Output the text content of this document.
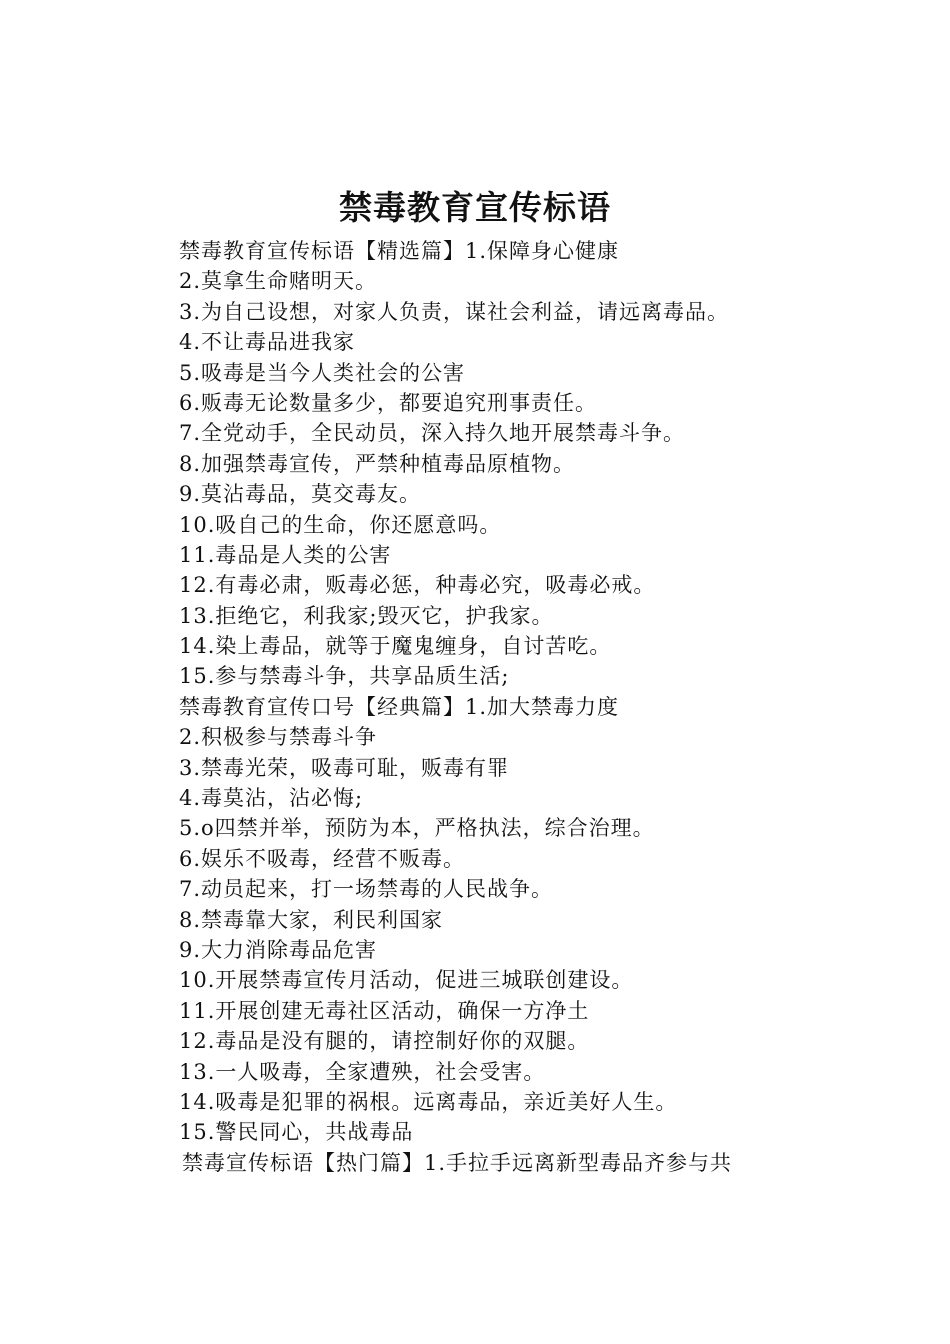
禁毒教育宣传标语
禁毒教育宣传标语【精选篇】1.保障身心健康
2.莫拿生命赌明天。
3.为自己设想，对家人负责，谋社会利益，请远离毒品。
4.不让毒品进我家
5.吸毒是当今人类社会的公害
6.贩毒无论数量多少，都要追究刑事责任。
7.全党动手，全民动员，深入持久地开展禁毒斗争。
8.加强禁毒宣传，严禁种植毒品原植物。
9.莫沾毒品，莫交毒友。
10.吸自己的生命，你还愿意吗。
11.毒品是人类的公害
12.有毒必肃，贩毒必惩，种毒必究，吸毒必戒。
13.拒绝它，利我家;毁灭它，护我家。
14.染上毒品，就等于魔鬼缠身，自讨苦吃。
15.参与禁毒斗争，共享品质生活;
禁毒教育宣传口号【经典篇】1.加大禁毒力度
2.积极参与禁毒斗争
3.禁毒光荣，吸毒可耻，贩毒有罪
4.毒莫沾，沾必悔;
5.o四禁并举，预防为本，严格执法，综合治理。
6.娱乐不吸毒，经营不贩毒。
7.动员起来，打一场禁毒的人民战争。
8.禁毒靠大家，利民利国家
9.大力消除毒品危害
10.开展禁毒宣传月活动，促进三城联创建设。
11.开展创建无毒社区活动，确保一方净土
12.毒品是没有腿的，请控制好你的双腿。
13.一人吸毒，全家遭殃，社会受害。
14.吸毒是犯罪的祸根。远离毒品，亲近美好人生。
15.警民同心，共战毒品
禁毒宣传标语【热门篇】1.手拉手远离新型毒品齐参与共
